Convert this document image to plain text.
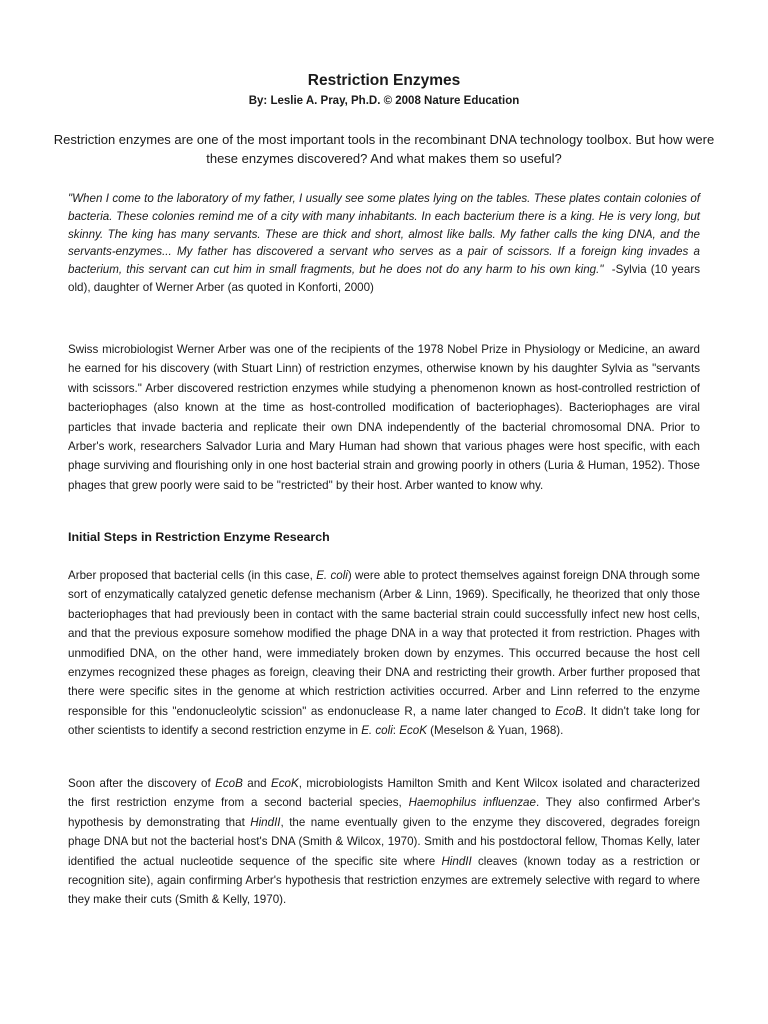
Restriction Enzymes

By: Leslie A. Pray, Ph.D. © 2008 Nature Education

Restriction enzymes are one of the most important tools in the recombinant DNA technology toolbox. But how were these enzymes discovered? And what makes them so useful?

"When I come to the laboratory of my father, I usually see some plates lying on the tables. These plates contain colonies of bacteria. These colonies remind me of a city with many inhabitants. In each bacterium there is a king. He is very long, but skinny. The king has many servants. These are thick and short, almost like balls. My father calls the king DNA, and the servants-enzymes... My father has discovered a servant who serves as a pair of scissors. If a foreign king invades a bacterium, this servant can cut him in small fragments, but he does not do any harm to his own king." -Sylvia (10 years old), daughter of Werner Arber (as quoted in Konforti, 2000)

Swiss microbiologist Werner Arber was one of the recipients of the 1978 Nobel Prize in Physiology or Medicine, an award he earned for his discovery (with Stuart Linn) of restriction enzymes, otherwise known by his daughter Sylvia as "servants with scissors." Arber discovered restriction enzymes while studying a phenomenon known as host-controlled restriction of bacteriophages (also known at the time as host-controlled modification of bacteriophages). Bacteriophages are viral particles that invade bacteria and replicate their own DNA independently of the bacterial chromosomal DNA. Prior to Arber's work, researchers Salvador Luria and Mary Human had shown that various phages were host specific, with each phage surviving and flourishing only in one host bacterial strain and growing poorly in others (Luria & Human, 1952). Those phages that grew poorly were said to be "restricted" by their host. Arber wanted to know why.

Initial Steps in Restriction Enzyme Research

Arber proposed that bacterial cells (in this case, E. coli) were able to protect themselves against foreign DNA through some sort of enzymatically catalyzed genetic defense mechanism (Arber & Linn, 1969). Specifically, he theorized that only those bacteriophages that had previously been in contact with the same bacterial strain could successfully infect new host cells, and that the previous exposure somehow modified the phage DNA in a way that protected it from restriction. Phages with unmodified DNA, on the other hand, were immediately broken down by enzymes. This occurred because the host cell enzymes recognized these phages as foreign, cleaving their DNA and restricting their growth. Arber further proposed that there were specific sites in the genome at which restriction activities occurred. Arber and Linn referred to the enzyme responsible for this "endonucleolytic scission" as endonuclease R, a name later changed to EcoB. It didn't take long for other scientists to identify a second restriction enzyme in E. coli: EcoK (Meselson & Yuan, 1968).

Soon after the discovery of EcoB and EcoK, microbiologists Hamilton Smith and Kent Wilcox isolated and characterized the first restriction enzyme from a second bacterial species, Haemophilus influenzae. They also confirmed Arber's hypothesis by demonstrating that HindII, the name eventually given to the enzyme they discovered, degrades foreign phage DNA but not the bacterial host's DNA (Smith & Wilcox, 1970). Smith and his postdoctoral fellow, Thomas Kelly, later identified the actual nucleotide sequence of the specific site where HindII cleaves (known today as a restriction or recognition site), again confirming Arber's hypothesis that restriction enzymes are extremely selective with regard to where they make their cuts (Smith & Kelly, 1970).
